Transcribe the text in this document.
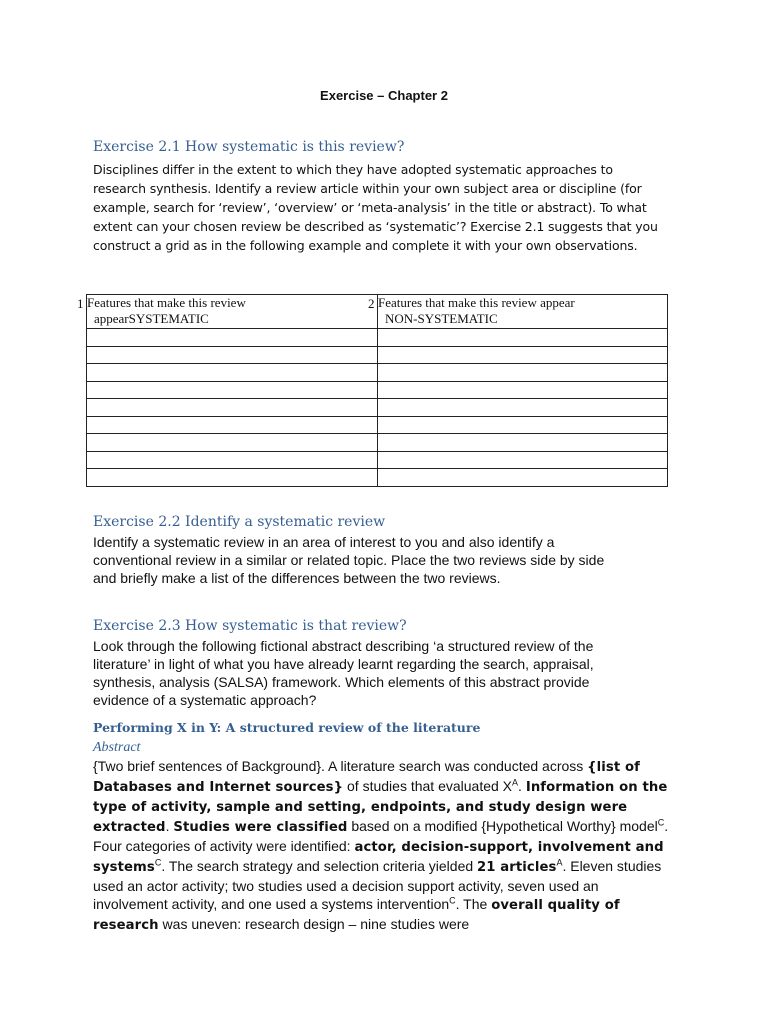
Exercise – Chapter 2
Exercise 2.1 How systematic is this review?
Disciplines differ in the extent to which they have adopted systematic approaches to
research synthesis. Identify a review article within your own subject area or discipline (for
example, search for ‘review’, ‘overview’ or ‘meta-analysis’ in the title or abstract). To what
extent can your chosen review be described as ‘systematic’? Exercise 2.1 suggests that you
construct a grid as in the following example and complete it with your own observations.
1 Features that make this review
appearSYSTEMATIC	2 Features that make this review appear
NON-SYSTEMATIC

Exercise 2.2 Identify a systematic review
Identify a systematic review in an area of interest to you and also identify a
conventional review in a similar or related topic. Place the two reviews side by side
and briefly make a list of the differences between the two reviews.
Exercise 2.3 How systematic is that review?
Look through the following fictional abstract describing ‘a structured review of the
literature’ in light of what you have already learnt regarding the search, appraisal,
synthesis, analysis (SALSA) framework. Which elements of this abstract provide
evidence of a systematic approach?
Performing X in Y: A structured review of the literature
Abstract
{Two brief sentences of Background}. A literature search was conducted across {list of Databases and Internet sources} of studies that evaluated $X^A$. Information on the type of activity, sample and setting, endpoints, and study design were extracted. Studies were classified based on a modified {Hypothetical Worthy} model$^C$. Four categories of activity were identified: actor, decision-support, involvement and systems$^C$. The search strategy and selection criteria yielded 21 articles$^A$. Eleven studies used an actor activity; two studies used a decision support activity, seven used an involvement activity, and one used a systems intervention$^C$. The overall quality of research was uneven: research design – nine studies were
